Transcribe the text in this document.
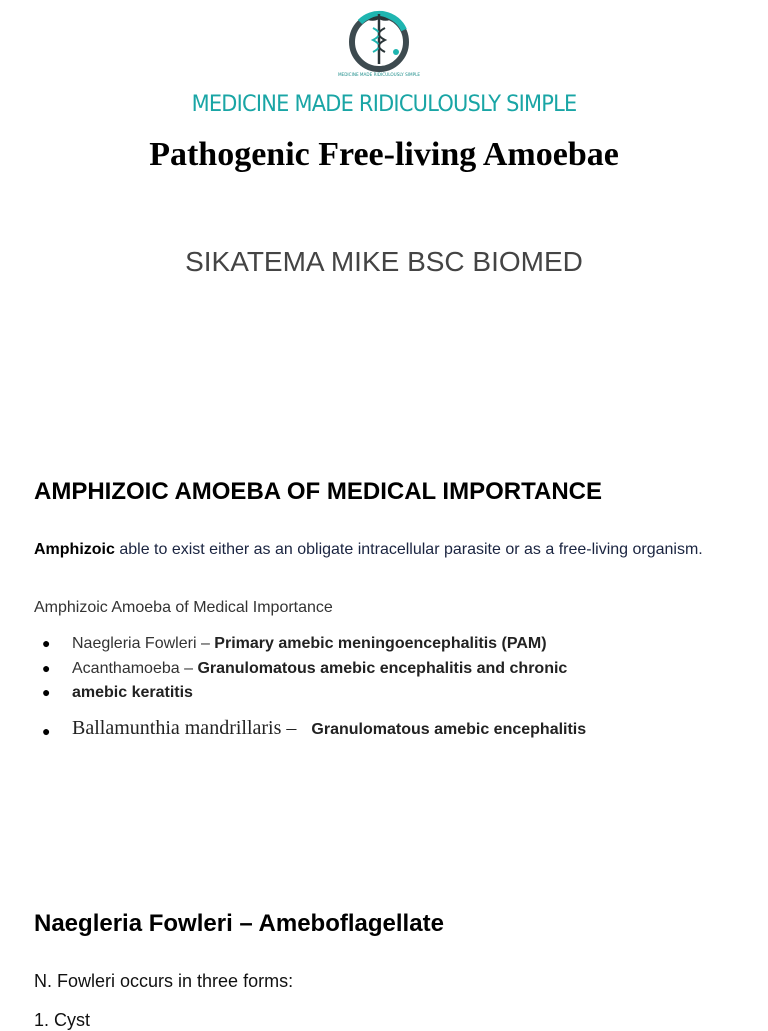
MEDICINE MADE RIDICULOUSLY SIMPLE
MEDICINE MADE RIDICULOUSLY SIMPLE
Pathogenic Free-living Amoebae
SIKATEMA MIKE BSC BIOMED
AMPHIZOIC AMOEBA OF MEDICAL IMPORTANCE
Amphizoic able to exist either as an obligate intracellular parasite or as a free-living organism.
Amphizoic Amoeba of Medical Importance
● Naegleria Fowleri – Primary amebic meningoencephalitis (PAM)
● Acanthamoeba – Granulomatous amebic encephalitis and chronic
● amebic keratitis
● Ballamunthia mandrillaris – Granulomatous amebic encephalitis
Naegleria Fowleri – Ameboflagellate
N. Fowleri occurs in three forms:
1. Cyst
